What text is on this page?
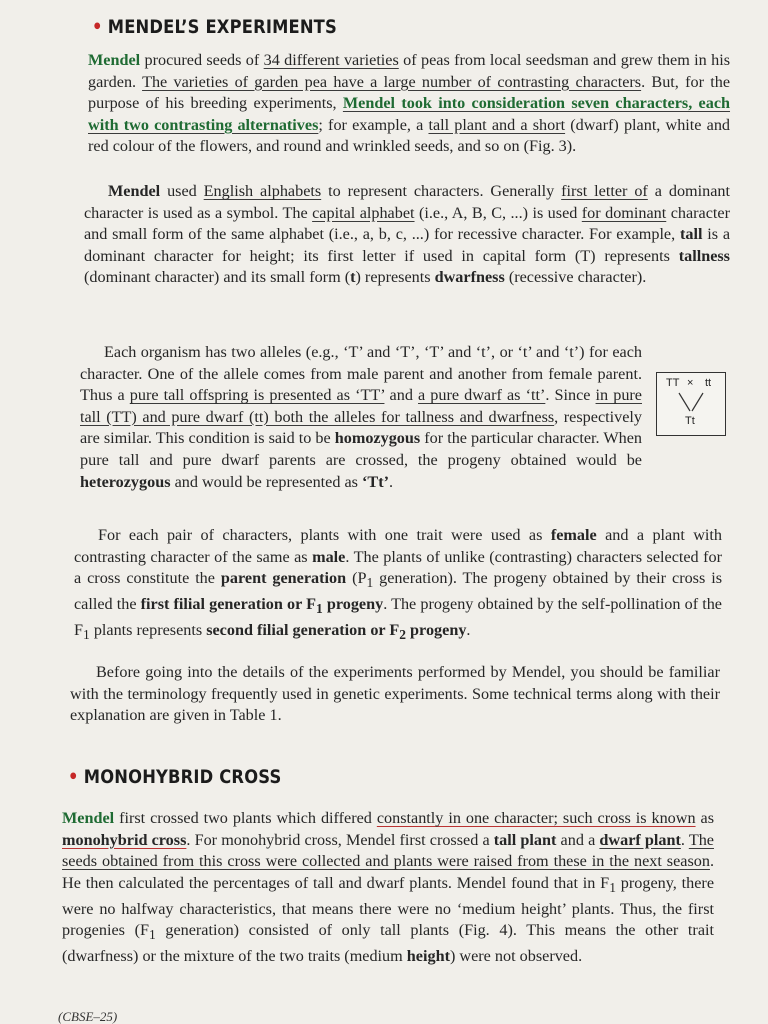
• MENDEL’S EXPERIMENTS

Mendel procured seeds of 34 different varieties of peas from local seedsman and grew them in his garden. The varieties of garden pea have a large number of contrasting characters. But, for the purpose of his breeding experiments, Mendel took into consideration seven characters, each with two contrasting alternatives; for example, a tall plant and a short (dwarf) plant, white and red colour of the flowers, and round and wrinkled seeds, and so on (Fig. 3).

Mendel used English alphabets to represent characters. Generally first letter of a dominant character is used as a symbol. The capital alphabet (i.e., A, B, C, ...) is used for dominant character and small form of the same alphabet (i.e., a, b, c, ...) for recessive character. For example, tall is a dominant character for height; its first letter if used in capital form (T) represents tallness (dominant character) and its small form (t) represents dwarfness (recessive character).

Each organism has two alleles (e.g., ‘T’ and ‘T’, ‘T’ and ‘t’, or ‘t’ and ‘t’) for each character. One of the allele comes from male parent and another from female parent. Thus a pure tall offspring is presented as ‘TT’ and a pure dwarf as ‘tt’. Since in pure tall (TT) and pure dwarf (tt) both the alleles for tallness and dwarfness, respectively are similar. This condition is said to be homozygous for the particular character. When pure tall and pure dwarf parents are crossed, the progeny obtained would be heterozygous and would be represented as ‘Tt’.

TT × tt
Tt

For each pair of characters, plants with one trait were used as female and a plant with contrasting character of the same as male. The plants of unlike (contrasting) characters selected for a cross constitute the parent generation ($P_1$ generation). The progeny obtained by their cross is called the first filial generation or $F_1$ progeny. The progeny obtained by the self-pollination of the $F_1$ plants represents second filial generation or $F_2$ progeny.

Before going into the details of the experiments performed by Mendel, you should be familiar with the terminology frequently used in genetic experiments. Some technical terms along with their explanation are given in Table 1.

• MONOHYBRID CROSS

Mendel first crossed two plants which differed constantly in one character; such cross is known as monohybrid cross. For monohybrid cross, Mendel first crossed a tall plant and a dwarf plant. The seeds obtained from this cross were collected and plants were raised from these in the next season. He then calculated the percentages of tall and dwarf plants. Mendel found that in $F_1$ progeny, there were no halfway characteristics, that means there were no ‘medium height’ plants. Thus, the first progenies ($F_1$ generation) consisted of only tall plants (Fig. 4). This means the other trait (dwarfness) or the mixture of the two traits (medium height) were not observed.

(CBSE–25)
